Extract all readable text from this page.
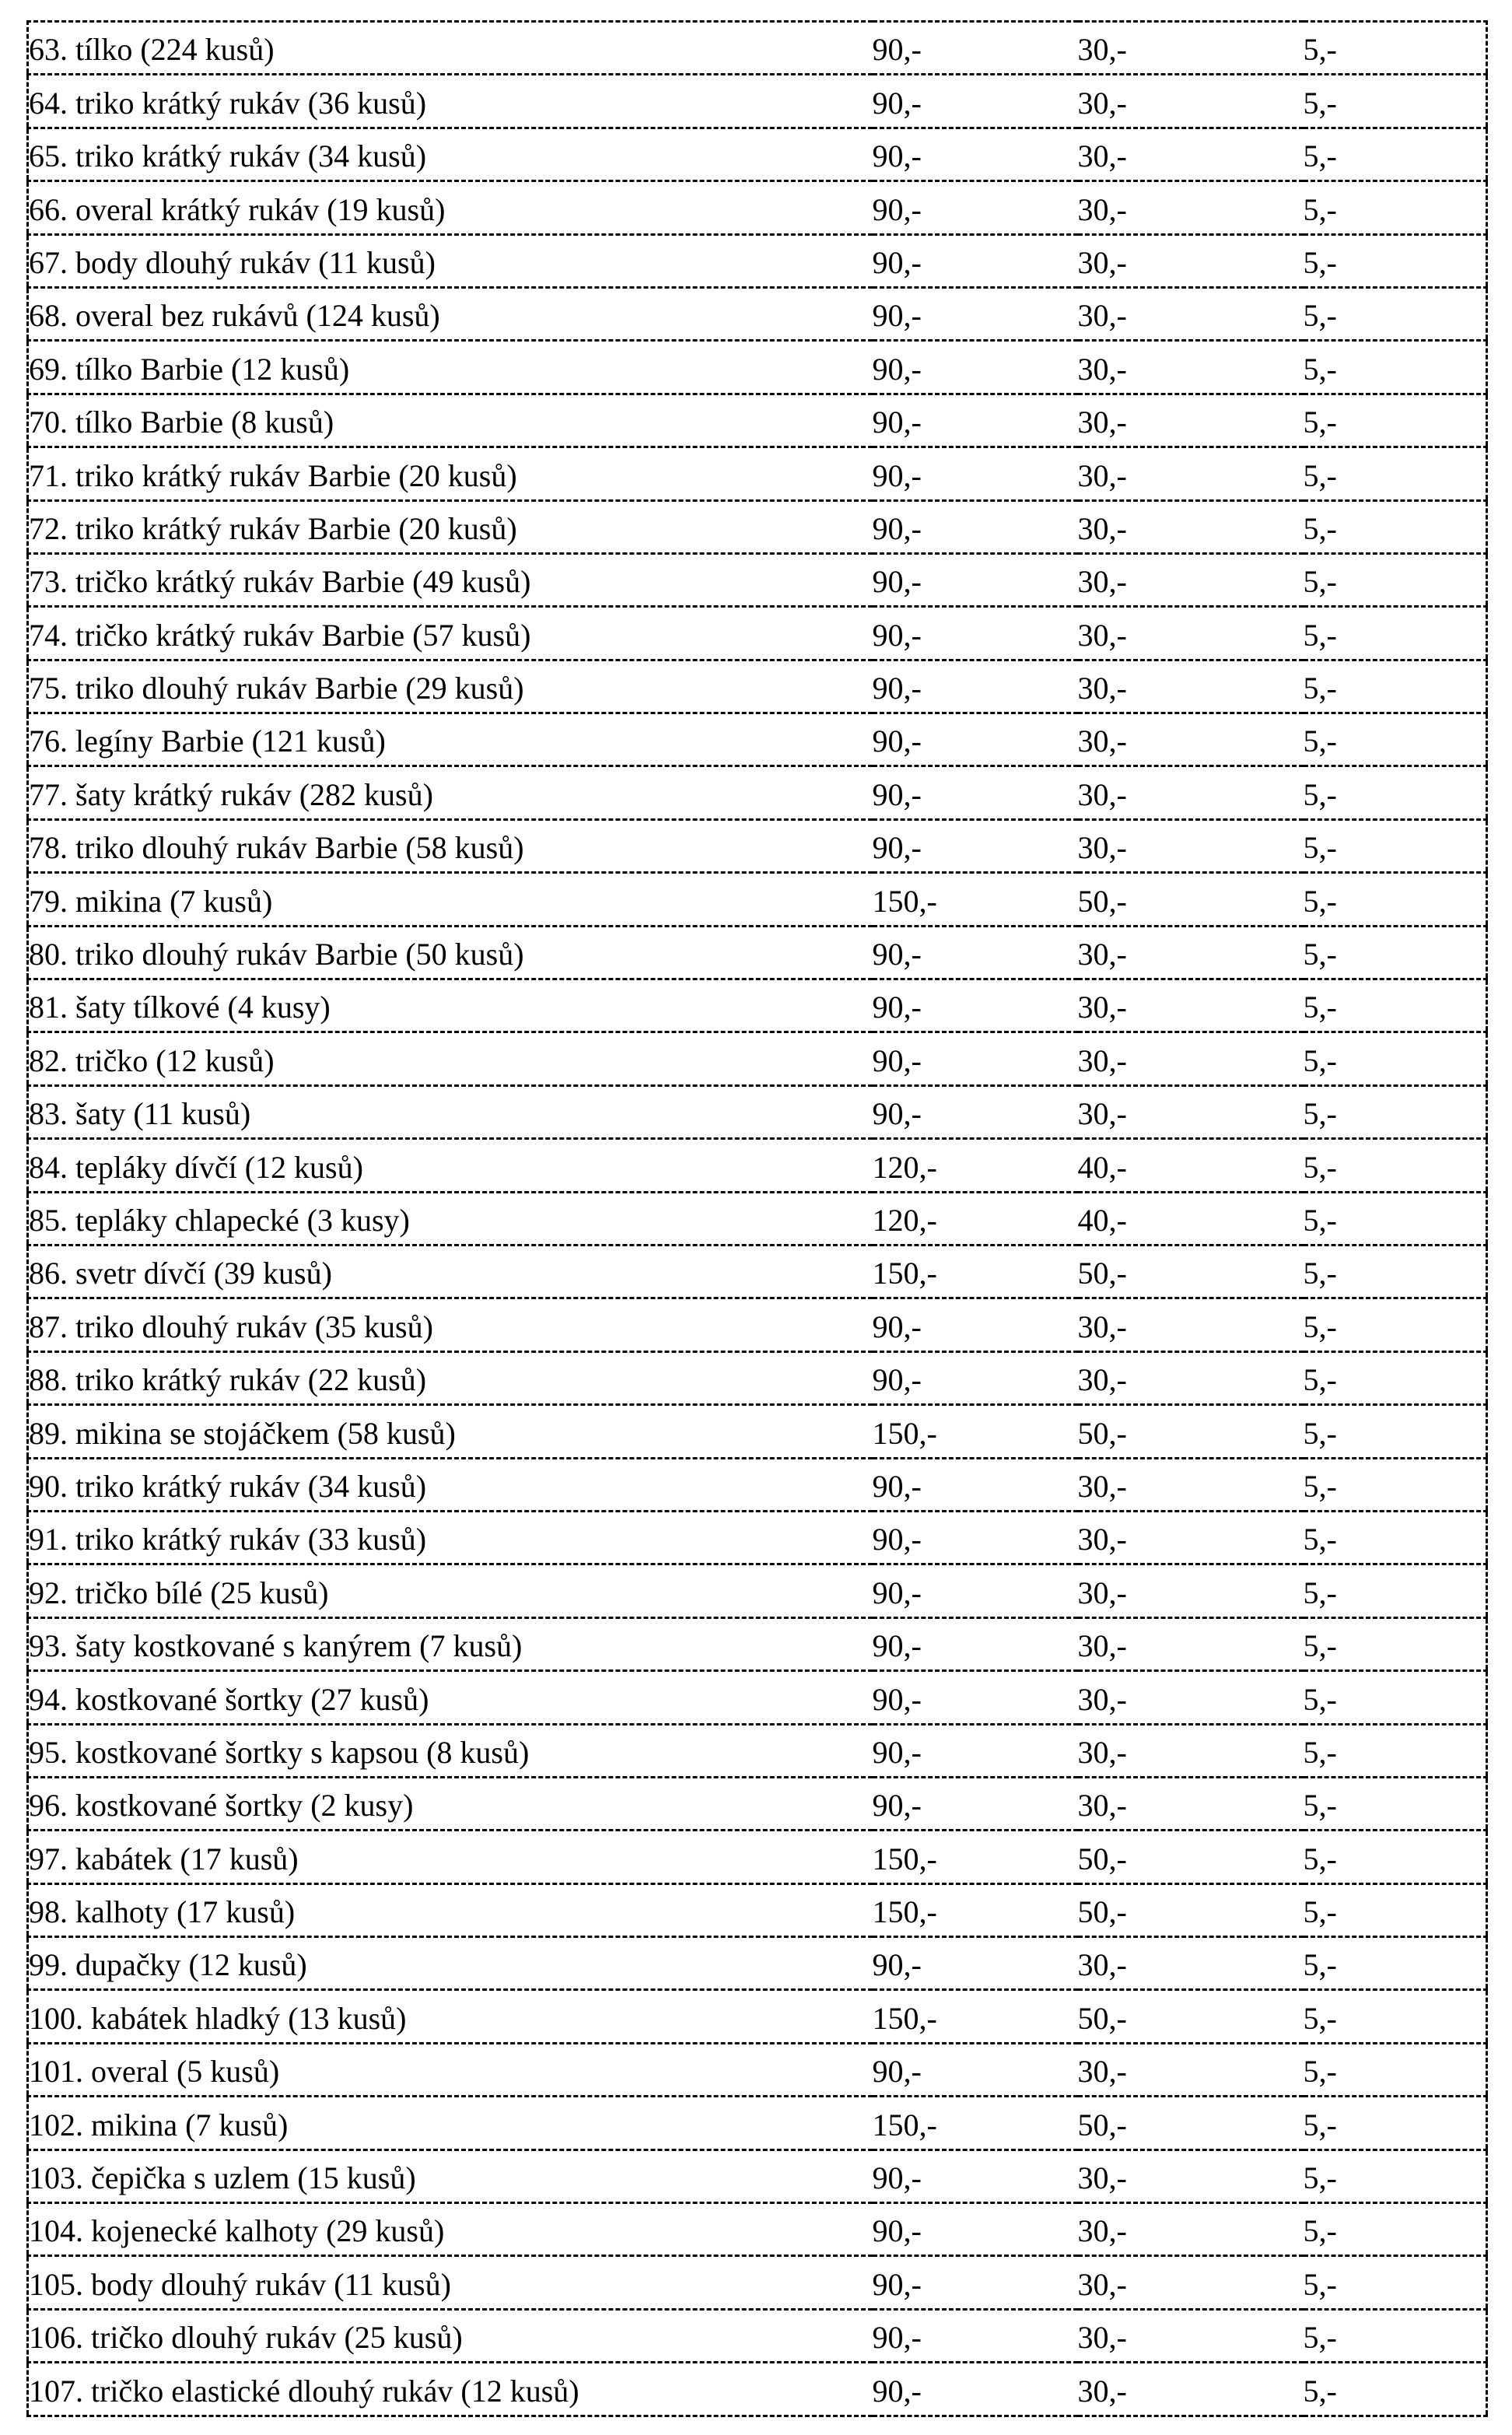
63. tílko (224 kusů)	90,-	30,-	5,-
64. triko krátký rukáv (36 kusů)	90,-	30,-	5,-
65. triko krátký rukáv (34 kusů)	90,-	30,-	5,-
66. overal krátký rukáv (19 kusů)	90,-	30,-	5,-
67. body dlouhý rukáv (11 kusů)	90,-	30,-	5,-
68. overal bez rukávů (124 kusů)	90,-	30,-	5,-
69. tílko Barbie (12 kusů)	90,-	30,-	5,-
70. tílko Barbie (8 kusů)	90,-	30,-	5,-
71. triko krátký rukáv Barbie (20 kusů)	90,-	30,-	5,-
72. triko krátký rukáv Barbie (20 kusů)	90,-	30,-	5,-
73. tričko krátký rukáv Barbie (49 kusů)	90,-	30,-	5,-
74. tričko krátký rukáv Barbie (57 kusů)	90,-	30,-	5,-
75. triko dlouhý rukáv Barbie (29 kusů)	90,-	30,-	5,-
76. legíny Barbie (121 kusů)	90,-	30,-	5,-
77. šaty krátký rukáv (282 kusů)	90,-	30,-	5,-
78. triko dlouhý rukáv Barbie (58 kusů)	90,-	30,-	5,-
79. mikina (7 kusů)	150,-	50,-	5,-
80. triko dlouhý rukáv Barbie (50 kusů)	90,-	30,-	5,-
81. šaty tílkové (4 kusy)	90,-	30,-	5,-
82. tričko (12 kusů)	90,-	30,-	5,-
83. šaty (11 kusů)	90,-	30,-	5,-
84. tepláky dívčí (12 kusů)	120,-	40,-	5,-
85. tepláky chlapecké (3 kusy)	120,-	40,-	5,-
86. svetr dívčí (39 kusů)	150,-	50,-	5,-
87. triko dlouhý rukáv (35 kusů)	90,-	30,-	5,-
88. triko krátký rukáv (22 kusů)	90,-	30,-	5,-
89. mikina se stojáčkem (58 kusů)	150,-	50,-	5,-
90. triko krátký rukáv (34 kusů)	90,-	30,-	5,-
91. triko krátký rukáv (33 kusů)	90,-	30,-	5,-
92. tričko bílé (25 kusů)	90,-	30,-	5,-
93. šaty kostkované s kanýrem (7 kusů)	90,-	30,-	5,-
94. kostkované šortky (27 kusů)	90,-	30,-	5,-
95. kostkované šortky s kapsou (8 kusů)	90,-	30,-	5,-
96. kostkované šortky (2 kusy)	90,-	30,-	5,-
97. kabátek (17 kusů)	150,-	50,-	5,-
98. kalhoty (17 kusů)	150,-	50,-	5,-
99. dupačky (12 kusů)	90,-	30,-	5,-
100. kabátek hladký (13 kusů)	150,-	50,-	5,-
101. overal (5 kusů)	90,-	30,-	5,-
102. mikina (7 kusů)	150,-	50,-	5,-
103. čepička s uzlem (15 kusů)	90,-	30,-	5,-
104. kojenecké kalhoty (29 kusů)	90,-	30,-	5,-
105. body dlouhý rukáv (11 kusů)	90,-	30,-	5,-
106. tričko dlouhý rukáv (25 kusů)	90,-	30,-	5,-
107. tričko elastické dlouhý rukáv (12 kusů)	90,-	30,-	5,-
